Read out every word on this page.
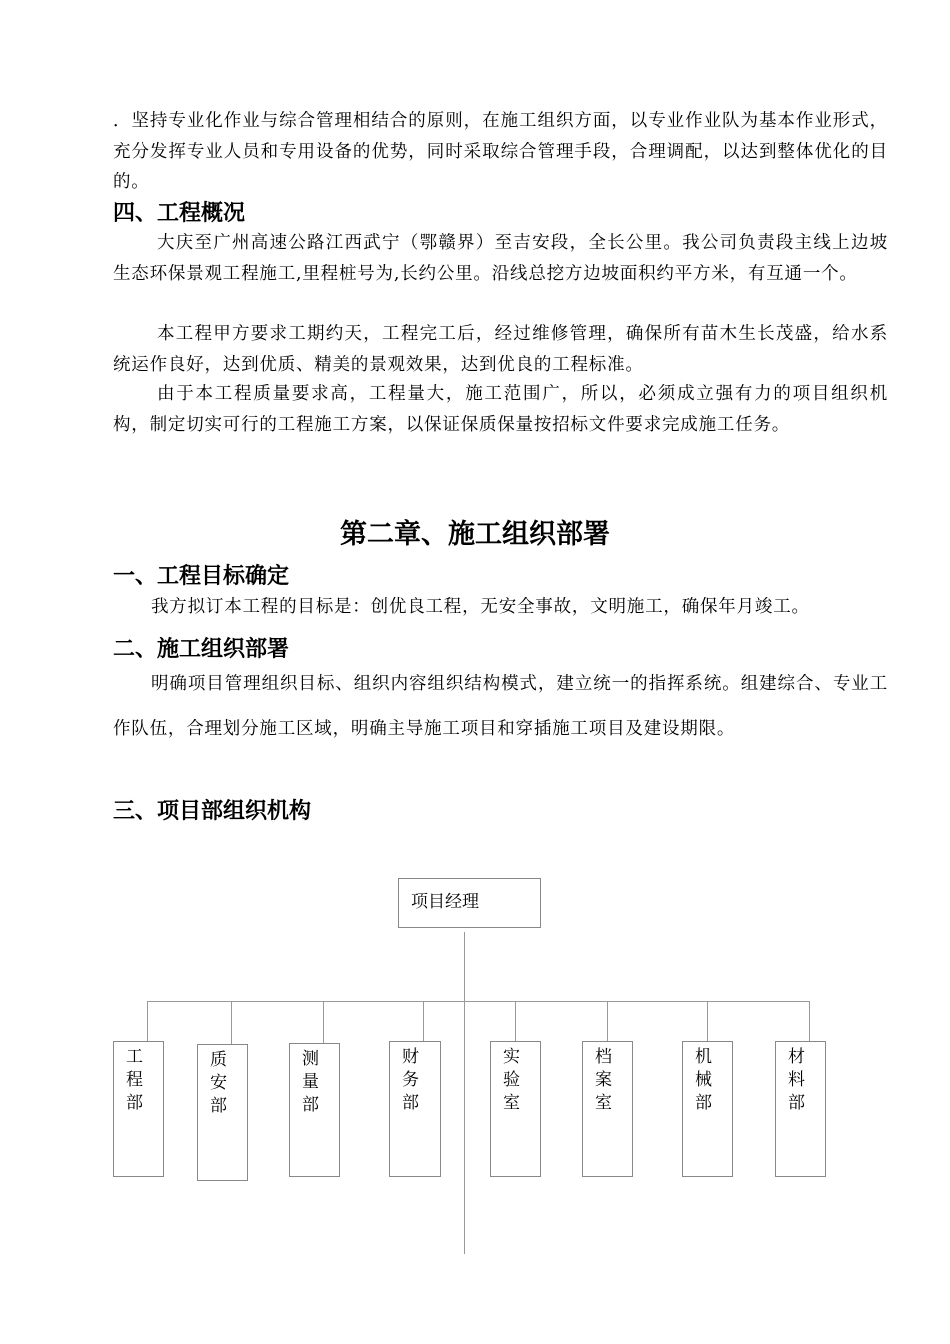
．坚持专业化作业与综合管理相结合的原则，在施工组织方面，以专业作业队为基本作业形式，充分发挥专业人员和专用设备的优势，同时采取综合管理手段，合理调配，以达到整体优化的目的。

四、工程概况

大庆至广州高速公路江西武宁（鄂赣界）至吉安段，全长公里。我公司负责段主线上边坡生态环保景观工程施工,里程桩号为,长约公里。沿线总挖方边坡面积约平方米，有互通一个。

本工程甲方要求工期约天，工程完工后，经过维修管理，确保所有苗木生长茂盛，给水系统运作良好，达到优质、精美的景观效果，达到优良的工程标准。

由于本工程质量要求高，工程量大，施工范围广，所以，必须成立强有力的项目组织机构，制定切实可行的工程施工方案，以保证保质保量按招标文件要求完成施工任务。

第二章、施工组织部署
一、工程目标确定

我方拟订本工程的目标是：创优良工程，无安全事故，文明施工，确保年月竣工。

二、施工组织部署

明确项目管理组织目标、组织内容组织结构模式，建立统一的指挥系统。组建综合、专业工作队伍，合理划分施工区域，明确主导施工项目和穿插施工项目及建设期限。

三、项目部组织机构
项目经理
工程部
质安部
测量部
财务部
实验室
档案室
机械部
材料部
